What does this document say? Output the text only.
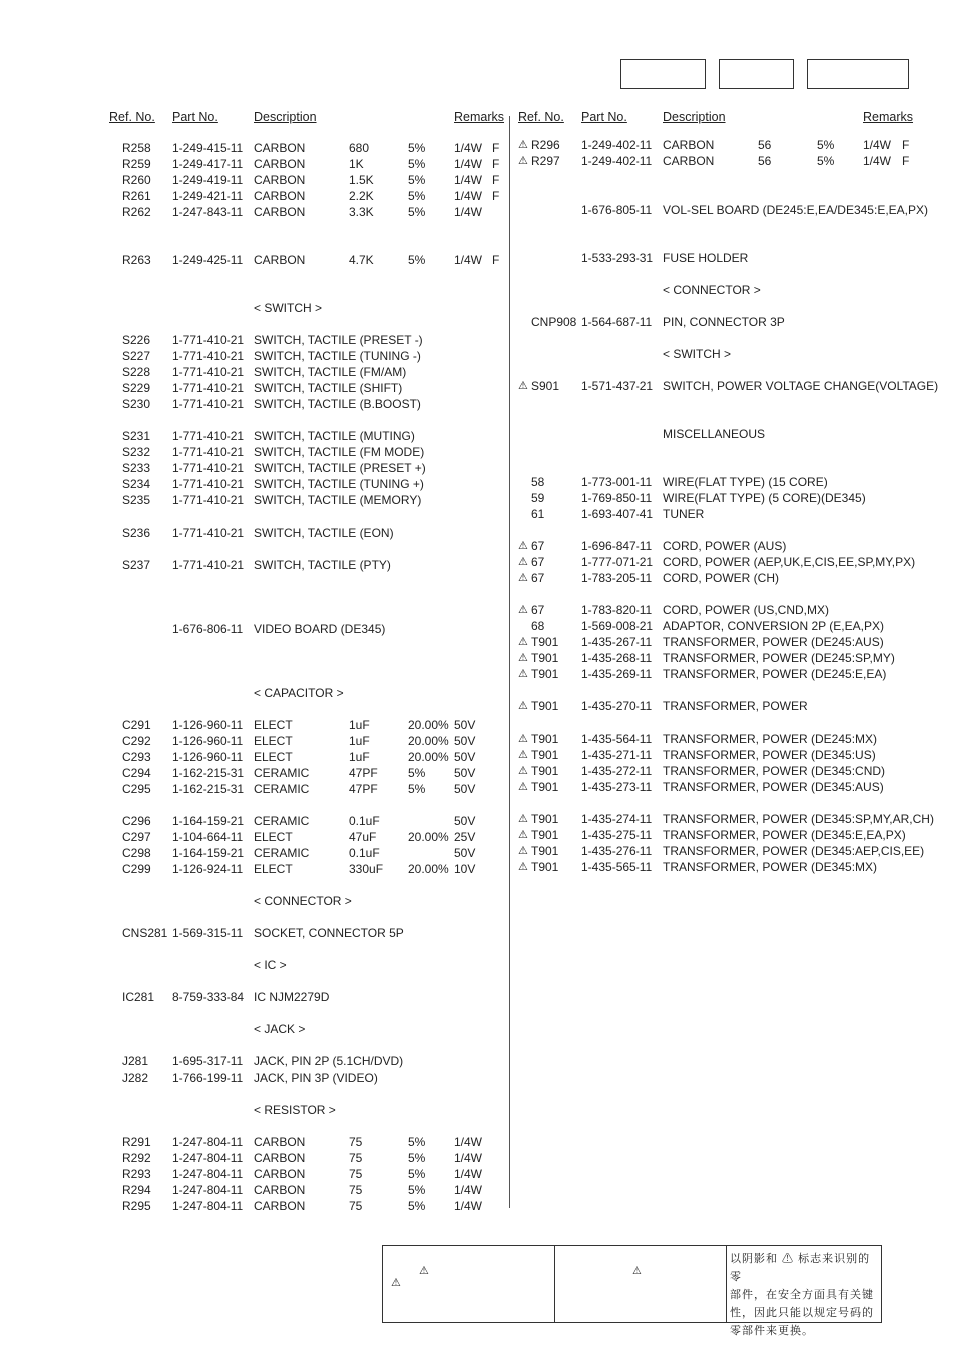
Ref. No. Part No.	Description	Remarks Ref. No. Part No.	Description	Remarks
R258 1-249-415-11 CARBON	680	5% 1/4W F
R259 1-249-417-11 CARBON	1K	5% 1/4W F
R260 1-249-419-11 CARBON	1.5K	5% 1/4W F
R261 1-249-421-11 CARBON	2.2K	5% 1/4W F
R262 1-247-843-11 CARBON	3.3K	5% 1/4W
R263 1-249-425-11 CARBON	4.7K	5% 1/4W F
< SWITCH >
S226 1-771-410-21 SWITCH, TACTILE (PRESET -)
S227 1-771-410-21 SWITCH, TACTILE (TUNING -)
S228 1-771-410-21 SWITCH, TACTILE (FM/AM)
S229 1-771-410-21 SWITCH, TACTILE (SHIFT)
S230 1-771-410-21 SWITCH, TACTILE (B.BOOST)
S231 1-771-410-21 SWITCH, TACTILE (MUTING)
S232 1-771-410-21 SWITCH, TACTILE (FM MODE)
S233 1-771-410-21 SWITCH, TACTILE (PRESET +)
S234 1-771-410-21 SWITCH, TACTILE (TUNING +)
S235 1-771-410-21 SWITCH, TACTILE (MEMORY)
S236 1-771-410-21 SWITCH, TACTILE (EON)
S237 1-771-410-21 SWITCH, TACTILE (PTY)
1-676-806-11 VIDEO BOARD (DE345)
< CAPACITOR >
C291 1-126-960-11 ELECT	1uF	20.00% 50V
C292 1-126-960-11 ELECT	1uF	20.00% 50V
C293 1-126-960-11 ELECT	1uF	20.00% 50V
C294 1-162-215-31 CERAMIC	47PF	5% 50V
C295 1-162-215-31 CERAMIC	47PF	5% 50V
C296 1-164-159-21 CERAMIC	0.1uF	50V
C297 1-104-664-11 ELECT	47uF	20.00% 25V
C298 1-164-159-21 CERAMIC	0.1uF	50V
C299 1-126-924-11 ELECT	330uF 20.00% 10V
< CONNECTOR >
CNS281 1-569-315-11 SOCKET, CONNECTOR 5P
< IC >
IC281 8-759-333-84 IC NJM2279D
< JACK >
J281 1-695-317-11 JACK, PIN 2P (5.1CH/DVD)
J282 1-766-199-11 JACK, PIN 3P (VIDEO)
< RESISTOR >
R291 1-247-804-11 CARBON	75	5% 1/4W
R292 1-247-804-11 CARBON	75	5% 1/4W
R293 1-247-804-11 CARBON	75	5% 1/4W
R294 1-247-804-11 CARBON	75	5% 1/4W
R295 1-247-804-11 CARBON	75	5% 1/4W
⚠ R296 1-249-402-11 CARBON	56	5% 1/4W F
⚠ R297 1-249-402-11 CARBON	56	5% 1/4W F
1-676-805-11 VOL-SEL BOARD (DE245:E,EA/DE345:E,EA,PX)
1-533-293-31 FUSE HOLDER
< CONNECTOR >
CNP908 1-564-687-11 PIN, CONNECTOR 3P
< SWITCH >
⚠ S901 1-571-437-21 SWITCH, POWER VOLTAGE CHANGE(VOLTAGE)
MISCELLANEOUS
58	1-773-001-11 WIRE(FLAT TYPE) (15 CORE)
59	1-769-850-11 WIRE(FLAT TYPE) (5 CORE)(DE345)
61	1-693-407-41 TUNER
⚠ 67	1-696-847-11 CORD, POWER (AUS)
⚠ 67	1-777-071-21 CORD, POWER (AEP,UK,E,CIS,EE,SP,MY,PX)
⚠ 67	1-783-205-11 CORD, POWER (CH)
⚠ 67	1-783-820-11 CORD, POWER (US,CND,MX)
68	1-569-008-21 ADAPTOR, CONVERSION 2P (E,EA,PX)
⚠ T901 1-435-267-11 TRANSFORMER, POWER (DE245:AUS)
⚠ T901 1-435-268-11 TRANSFORMER, POWER (DE245:SP,MY)
⚠ T901 1-435-269-11 TRANSFORMER, POWER (DE245:E,EA)
⚠ T901 1-435-270-11 TRANSFORMER, POWER
⚠ T901 1-435-564-11 TRANSFORMER, POWER (DE245:MX)
⚠ T901 1-435-271-11 TRANSFORMER, POWER (DE345:US)
⚠ T901 1-435-272-11 TRANSFORMER, POWER (DE345:CND)
⚠ T901 1-435-273-11 TRANSFORMER, POWER (DE345:AUS)
⚠ T901 1-435-274-11 TRANSFORMER, POWER (DE345:SP,MY,AR,CH)
⚠ T901 1-435-275-11 TRANSFORMER, POWER (DE345:E,EA,PX)
⚠ T901 1-435-276-11 TRANSFORMER, POWER (DE345:AEP,CIS,EE)
⚠ T901 1-435-565-11 TRANSFORMER, POWER (DE345:MX)
⚠
⚠
⚠
以阴影和 ⚠ 标志来识别的零
部件，在安全方面具有关键
性，因此只能以规定号码的
零部件来更换。
